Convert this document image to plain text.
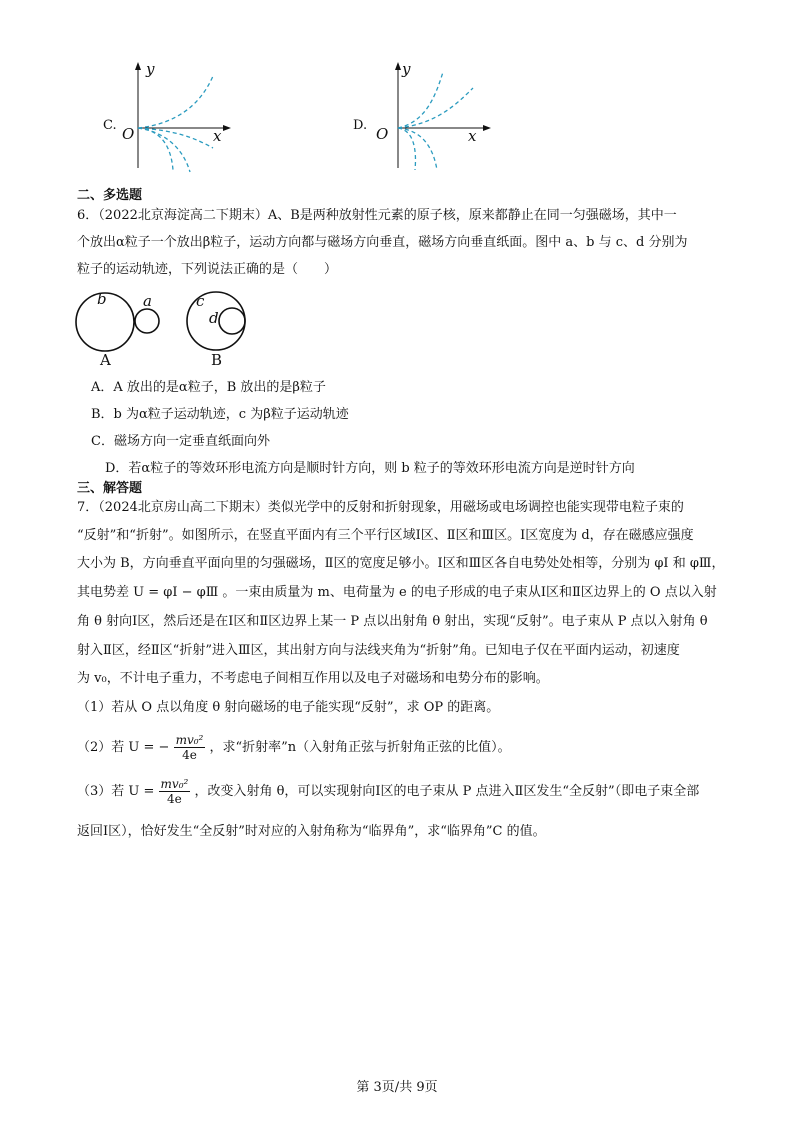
C.
y
x
O	D.
y
x
O
二、多选题
6．（2022北京海淀高二下期末）A、B是两种放射性元素的原子核，原来都静止在同一匀强磁场，其中一
个放出α粒子一个放出β粒子，运动方向都与磁场方向垂直，磁场方向垂直纸面。图中 a、b 与 c、d 分别为
粒子的运动轨迹，下列说法正确的是（　　）
b a	c
d
A	B
A．A 放出的是α粒子，B 放出的是β粒子
B．b 为α粒子运动轨迹，c 为β粒子运动轨迹
C．磁场方向一定垂直纸面向外
D．若α粒子的等效环形电流方向是顺时针方向，则 b 粒子的等效环形电流方向是逆时针方向
三、解答题
7．（2024北京房山高二下期末）类似光学中的反射和折射现象，用磁场或电场调控也能实现带电粒子束的
“反射”和“折射”。如图所示，在竖直平面内有三个平行区域Ⅰ区、Ⅱ区和Ⅲ区。Ⅰ区宽度为 d，存在磁感应强度
大小为 B，方向垂直平面向里的匀强磁场，Ⅱ区的宽度足够小。Ⅰ区和Ⅲ区各自电势处处相等，分别为 φⅠ 和 φⅢ，
其电势差 U = φⅠ − φⅢ 。一束由质量为 m、电荷量为 e 的电子形成的电子束从Ⅰ区和Ⅱ区边界上的 O 点以入射
角 θ 射向Ⅰ区，然后还是在Ⅰ区和Ⅱ区边界上某一 P 点以出射角 θ 射出，实现“反射”。电子束从 P 点以入射角 θ
射入Ⅱ区，经Ⅱ区“折射”进入Ⅲ区，其出射方向与法线夹角为“折射”角。已知电子仅在平面内运动，初速度
为 v₀，不计电子重力，不考虑电子间相互作用以及电子对磁场和电势分布的影响。
（1）若从 O 点以角度 θ 射向磁场的电子能实现“反射”，求 OP 的距离。
（2）若 U = − $\frac{\text{mv₀²}}{4e}$ ，求“折射率”n（入射角正弦与折射角正弦的比值）。
（3）若 $U = \frac{\text{mv₀²}}{4e}$ ，改变入射角 θ，可以实现射向Ⅰ区的电子束从 P 点进入Ⅱ区发生“全反射”（即电子束全部
返回Ⅰ区），恰好发生“全反射”时对应的入射角称为“临界角”，求“临界角”C 的值。
第 3页/共 9页
